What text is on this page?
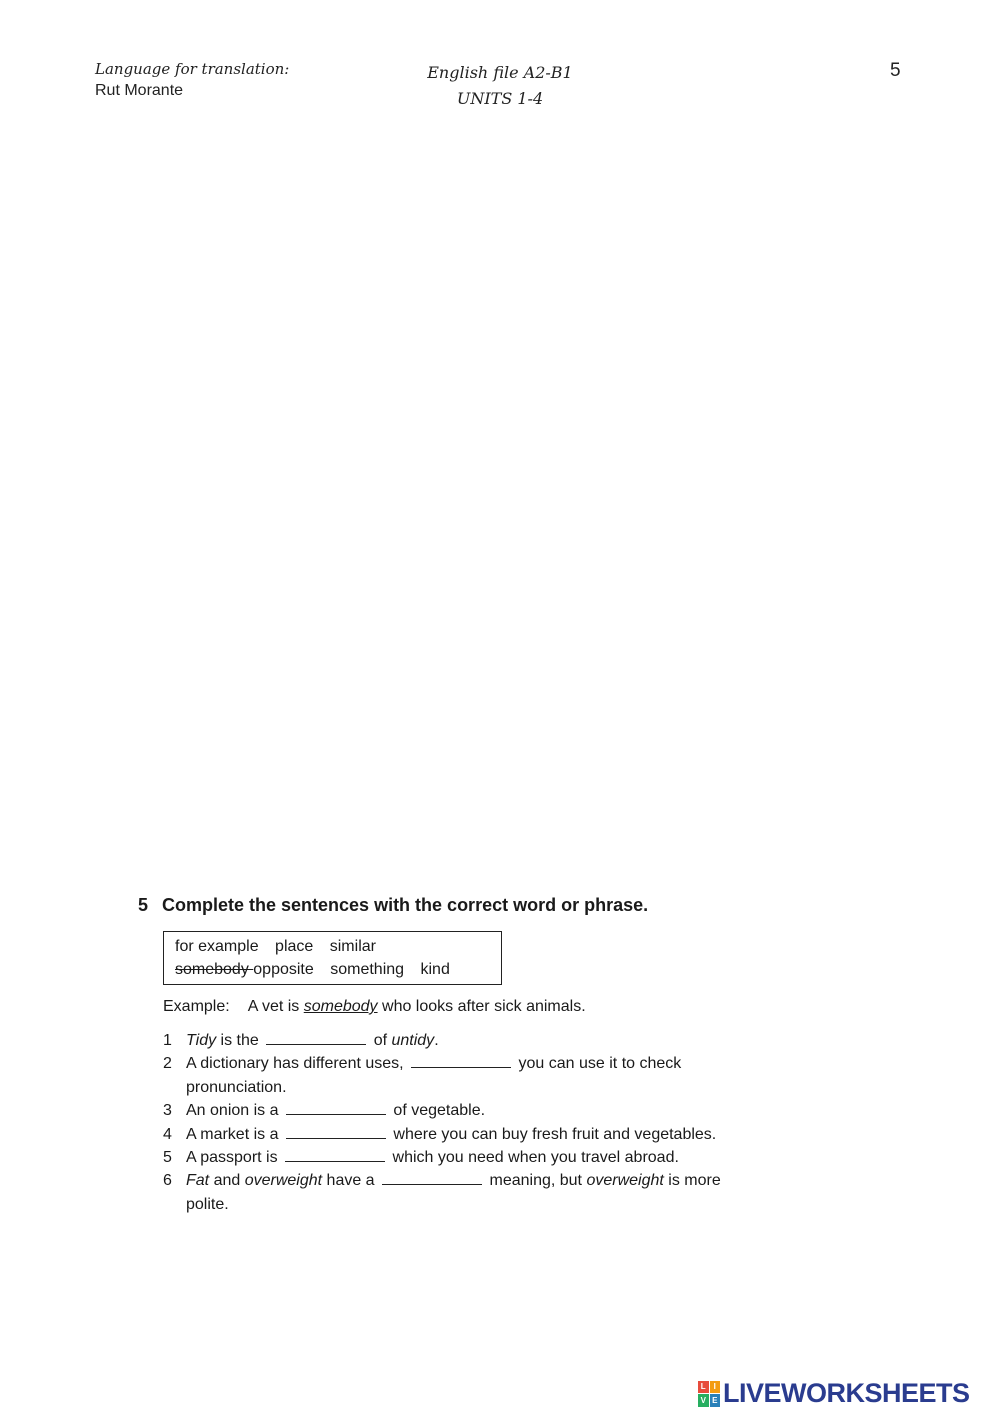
Language for translation:
Rut Morante
English file A2-B1
UNITS 1-4
5
5 Complete the sentences with the correct word or phrase.
for example place similar
somebody opposite something kind
Example: A vet is somebody who looks after sick animals.
1 Tidy is the	of untidy.
2 A dictionary has different uses,	you can use it to check
pronunciation.
3 An onion is a	of vegetable.
4 A market is a	where you can buy fresh fruit and vegetables.
5 A passport is	which you need when you travel abroad.
6 Fat and overweight have a	meaning, but overweight is more
polite.
L I
V E LIVEWORKSHEETS
